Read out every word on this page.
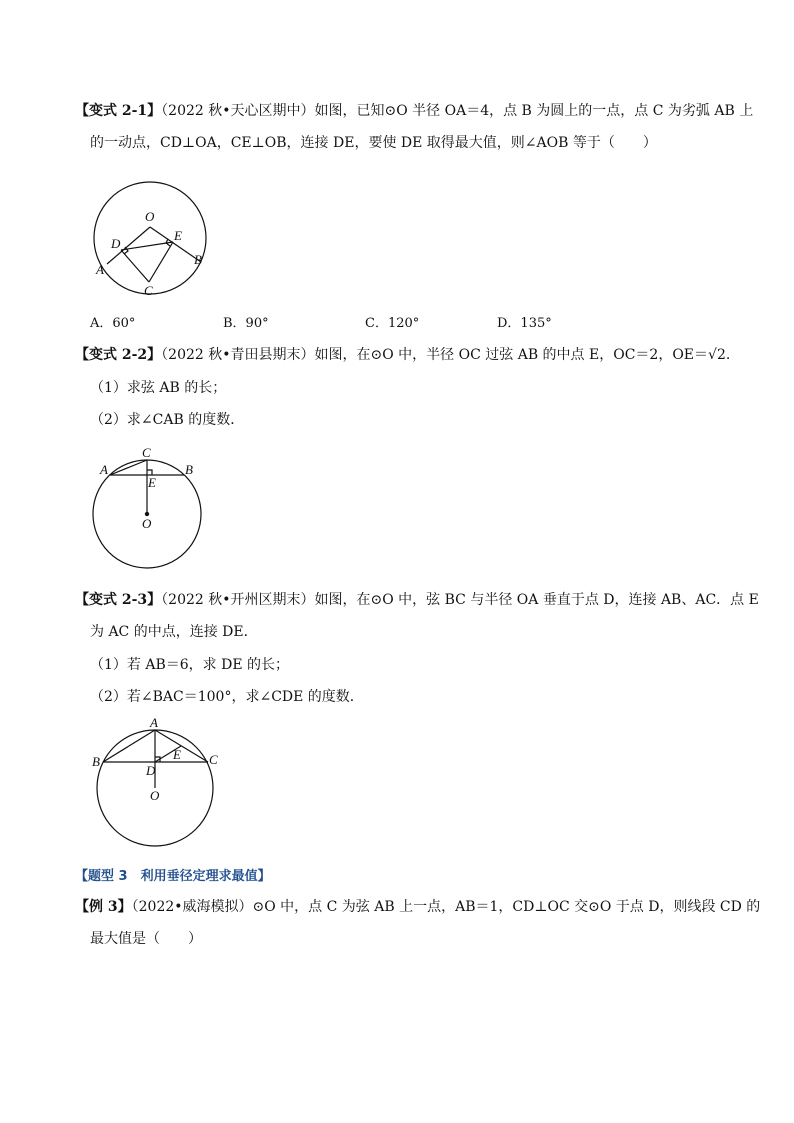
【变式 2-1】（2022 秋•天心区期中）如图，已知⊙O 半径 OA＝4，点 B 为圆上的一点，点 C 为劣弧 AB 上
的一动点，CD⊥OA，CE⊥OB，连接 DE，要使 DE 取得最大值，则∠AOB 等于（　　）
O
D
E
A
B
C
A．60°	B．90°	C．120°	D．135°
【变式 2-2】（2022 秋•青田县期末）如图，在⊙O 中，半径 OC 过弦 AB 的中点 E，OC＝2，OE＝√2.
（1）求弦 AB 的长；
（2）求∠CAB 的度数．
C
A	B
E
O
【变式 2-3】（2022 秋•开州区期末）如图，在⊙O 中，弦 BC 与半径 OA 垂直于点 D，连接 AB、AC．点 E
为 AC 的中点，连接 DE．
（1）若 AB＝6，求 DE 的长；
（2）若∠BAC＝100°，求∠CDE 的度数．
A
E
B	C
D
O
【题型 3　利用垂径定理求最值】
【例 3】（2022•威海模拟）⊙O 中，点 C 为弦 AB 上一点，AB＝1，CD⊥OC 交⊙O 于点 D，则线段 CD 的
最大值是（　　）
